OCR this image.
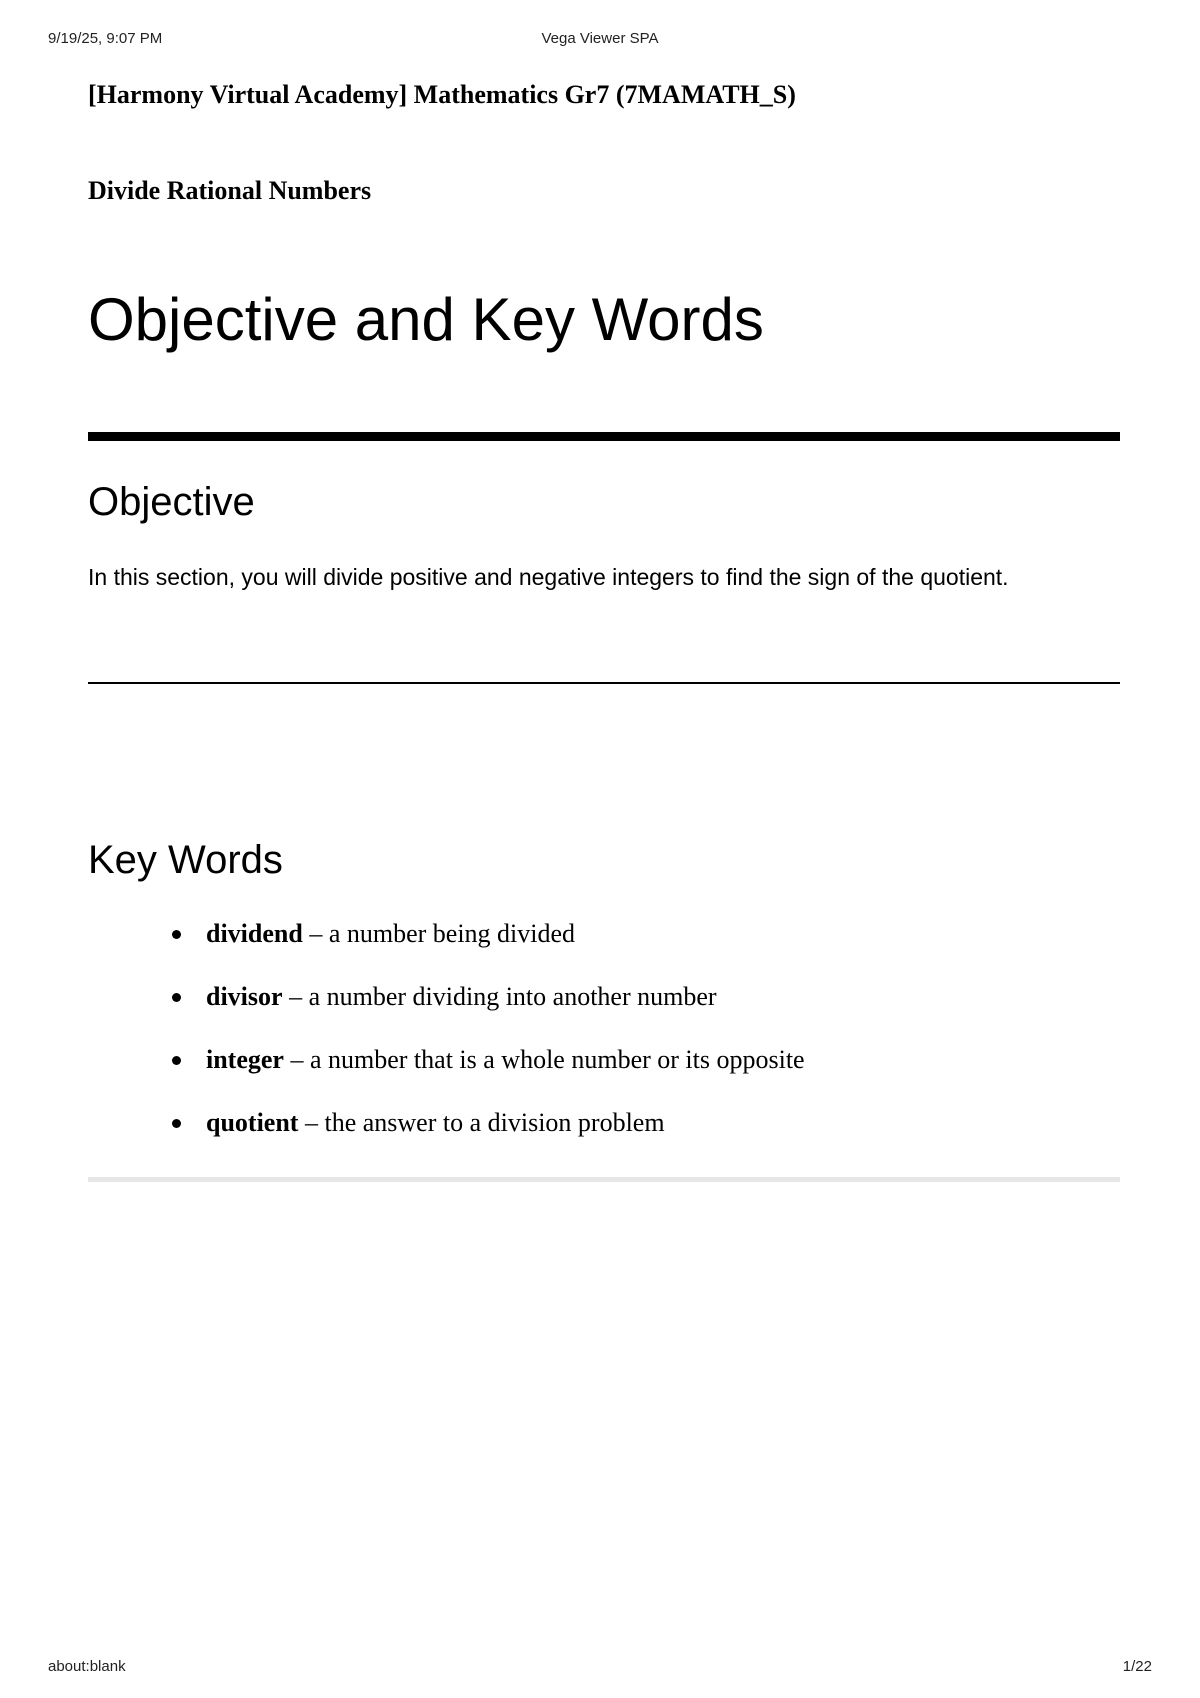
9/19/25, 9:07 PM	Vega Viewer SPA
[Harmony Virtual Academy] Mathematics Gr7 (7MAMATH_S)
Divide Rational Numbers
Objective and Key Words
Objective

In this section, you will divide positive and negative integers to find the sign of the quotient.

Key Words
dividend – a number being divided
divisor – a number dividing into another number
integer – a number that is a whole number or its opposite
quotient – the answer to a division problem
about:blank	1/22
